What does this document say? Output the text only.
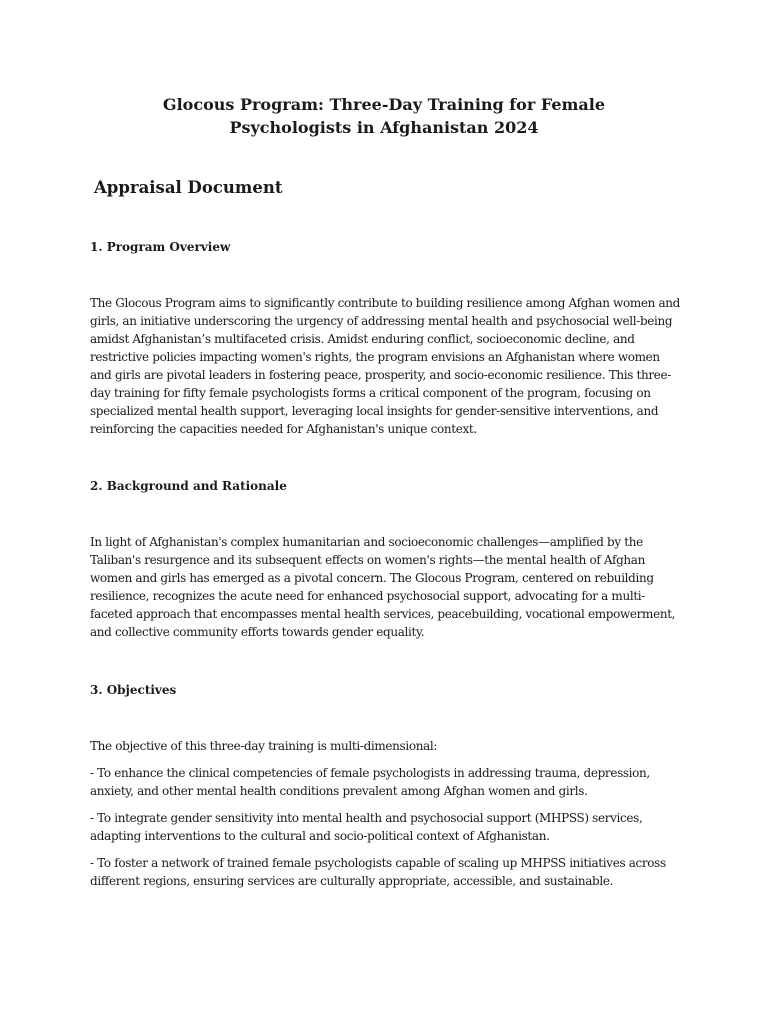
Glocous Program: Three-Day Training for Female Psychologists in Afghanistan 2024
Appraisal Document
1. Program Overview

The Glocous Program aims to significantly contribute to building resilience among Afghan women and girls, an initiative underscoring the urgency of addressing mental health and psychosocial well-being amidst Afghanistan’s multifaceted crisis. Amidst enduring conflict, socioeconomic decline, and restrictive policies impacting women's rights, the program envisions an Afghanistan where women and girls are pivotal leaders in fostering peace, prosperity, and socio-economic resilience. This three-day training for fifty female psychologists forms a critical component of the program, focusing on specialized mental health support, leveraging local insights for gender-sensitive interventions, and reinforcing the capacities needed for Afghanistan's unique context.

2. Background and Rationale

In light of Afghanistan's complex humanitarian and socioeconomic challenges—amplified by the Taliban's resurgence and its subsequent effects on women's rights—the mental health of Afghan women and girls has emerged as a pivotal concern. The Glocous Program, centered on rebuilding resilience, recognizes the acute need for enhanced psychosocial support, advocating for a multi-faceted approach that encompasses mental health services, peacebuilding, vocational empowerment, and collective community efforts towards gender equality.

3. Objectives

The objective of this three-day training is multi-dimensional:

- To enhance the clinical competencies of female psychologists in addressing trauma, depression, anxiety, and other mental health conditions prevalent among Afghan women and girls.

- To integrate gender sensitivity into mental health and psychosocial support (MHPSS) services, adapting interventions to the cultural and socio-political context of Afghanistan.

- To foster a network of trained female psychologists capable of scaling up MHPSS initiatives across different regions, ensuring services are culturally appropriate, accessible, and sustainable.
